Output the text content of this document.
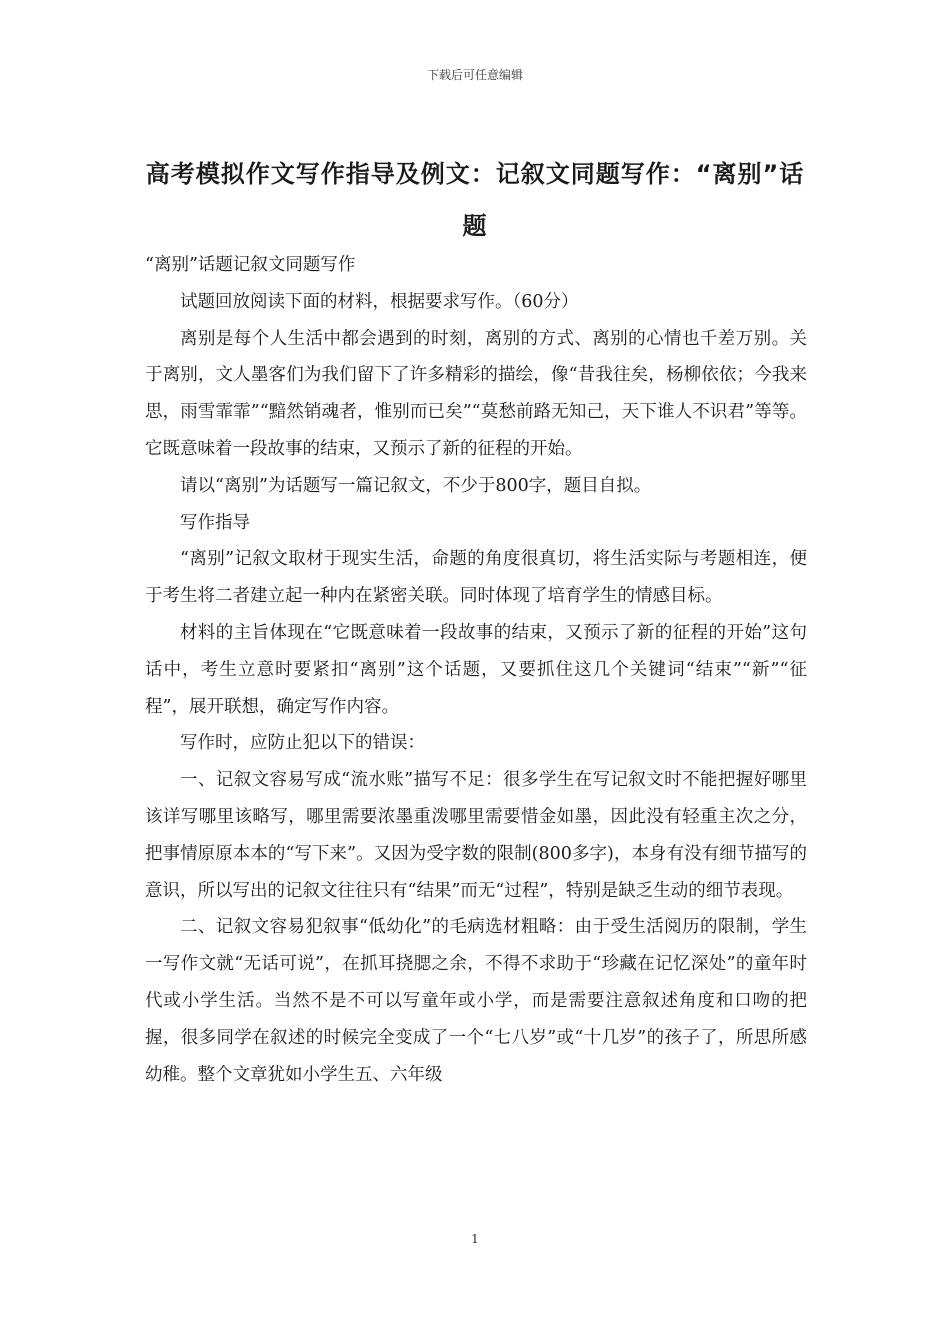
下载后可任意编辑
高考模拟作文写作指导及例文：记叙文同题写作：“离别”话题

“离别”话题记叙文同题写作

试题回放阅读下面的材料，根据要求写作。（60分）

离别是每个人生活中都会遇到的时刻，离别的方式、离别的心情也千差万别。关于离别，文人墨客们为我们留下了许多精彩的描绘，像“昔我往矣，杨柳依依；今我来思，雨雪霏霏”“黯然销魂者，惟别而已矣”“莫愁前路无知己，天下谁人不识君”等等。它既意味着一段故事的结束，又预示了新的征程的开始。

请以“离别”为话题写一篇记叙文，不少于800字，题目自拟。

写作指导

“离别”记叙文取材于现实生活，命题的角度很真切，将生活实际与考题相连，便于考生将二者建立起一种内在紧密关联。同时体现了培育学生的情感目标。

材料的主旨体现在“它既意味着一段故事的结束，又预示了新的征程的开始”这句话中，考生立意时要紧扣“离别”这个话题，又要抓住这几个关键词“结束”“新”“征程”，展开联想，确定写作内容。

写作时，应防止犯以下的错误：

一、记叙文容易写成“流水账”描写不足：很多学生在写记叙文时不能把握好哪里该详写哪里该略写，哪里需要浓墨重泼哪里需要惜金如墨，因此没有轻重主次之分，把事情原原本本的“写下来”。又因为受字数的限制(800多字)，本身有没有细节描写的意识，所以写出的记叙文往往只有“结果”而无“过程”，特别是缺乏生动的细节表现。

二、记叙文容易犯叙事“低幼化”的毛病选材粗略：由于受生活阅历的限制，学生一写作文就“无话可说”，在抓耳挠腮之余，不得不求助于“珍藏在记忆深处”的童年时代或小学生活。当然不是不可以写童年或小学，而是需要注意叙述角度和口吻的把握，很多同学在叙述的时候完全变成了一个“七八岁”或“十几岁”的孩子了，所思所感幼稚。整个文章犹如小学生五、六年级

1
